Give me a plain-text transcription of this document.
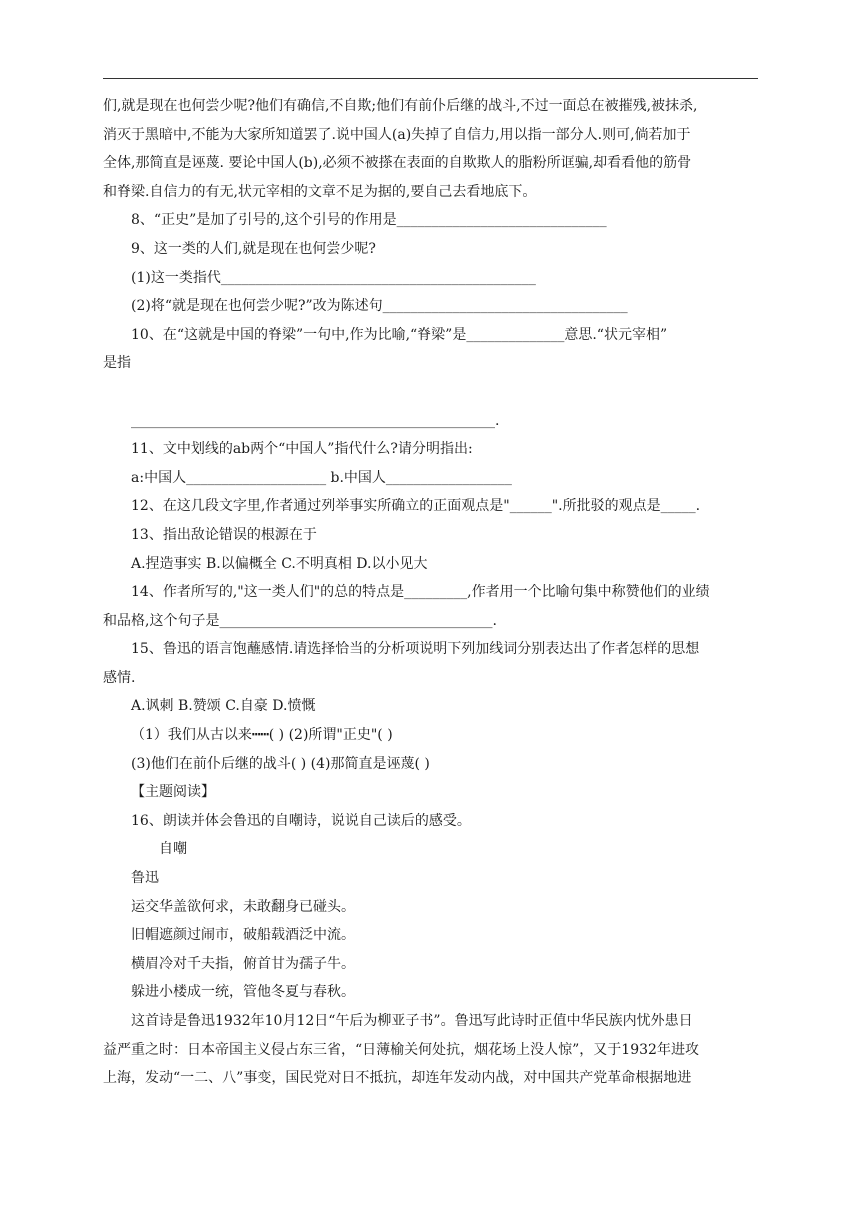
们,就是现在也何尝少呢?他们有确信,不自欺;他们有前仆后继的战斗,不过一面总在被摧残,被抹杀,

消灭于黑暗中,不能为大家所知道罢了.说中国人(a)失掉了自信力,用以指一部分人.则可,倘若加于

全体,那简直是诬蔑. 要论中国人(b),必须不被搽在表面的自欺欺人的脂粉所诓骗,却看看他的筋骨

和脊梁.自信力的有无,状元宰相的文章不足为据的,要自己去看地底下。

8、“正史”是加了引号的,这个引号的作用是______________________________

9、这一类的人们,就是现在也何尝少呢?

(1)这一类指代_____________________________________________

(2)将“就是现在也何尝少呢?”改为陈述句___________________________________

10、在“这就是中国的脊梁”一句中,作为比喻,“脊梁”是______________意思.“状元宰相”

是指

____________________________________________________.

11、文中划线的ab两个“中国人”指代什么?请分明指出:

a:中国人____________________ b.中国人__________________

12、在这几段文字里,作者通过列举事实所确立的正面观点是"______".所批驳的观点是_____.

13、指出敌论错误的根源在于

A.捏造事实 B.以偏概全 C.不明真相 D.以小见大

14、作者所写的,"这一类人们"的总的特点是_________,作者用一个比喻句集中称赞他们的业绩

和品格,这个句子是_______________________________________.

15、鲁迅的语言饱蘸感情.请选择恰当的分析项说明下列加线词分别表达出了作者怎样的思想

感情.

A.讽刺 B.赞颂 C.自豪 D.愤慨

（1）我们从古以来┅┅( ) (2)所谓"正史"( )

(3)他们在前仆后继的战斗( ) (4)那简直是诬蔑( )

【主题阅读】

16、朗读并体会鲁迅的自嘲诗，说说自己读后的感受。

自嘲

鲁迅

运交华盖欲何求，未敢翻身已碰头。

旧帽遮颜过闹市，破船载酒泛中流。

横眉冷对千夫指，俯首甘为孺子牛。

躲进小楼成一统，管他冬夏与春秋。

这首诗是鲁迅1932年10月12日“午后为柳亚子书”。鲁迅写此诗时正值中华民族内忧外患日

益严重之时：日本帝国主义侵占东三省，“日薄榆关何处抗，烟花场上没人惊”，又于1932年进攻

上海，发动“一二、八”事变，国民党对日不抵抗，却连年发动内战，对中国共产党革命根据地进
